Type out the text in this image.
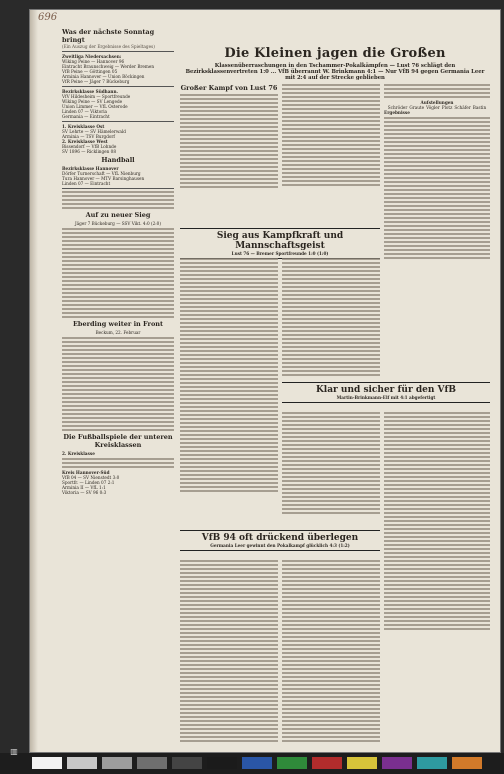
696
Was der nächste Sonntag bringt
(Ein Auszug der Ergebnisse des Spieltages)
Zweitliga Niedersachsen:
Wiking Peine — Hannover 96
Eintracht Braunschweig — Werder Bremen
VfB Peine — Göttingen 05
Arminia Hannover — Union Böckingen
VfR Peine — Jäger 7 Bückeburg
Bezirksklasse Südhann.
VfV Hildesheim — Sportfreunde
Wiking Peine — SV Lengede
Union Limmer — VfL Osterode
Linden 07 — Viktoria
Germania — Eintracht
1. Kreisklasse Ost
SV Lehrte — SV Hämelerwald
Arminia — TSV Burgdorf
2. Kreisklasse West
Bissendorf — VfB Lohnde
SV 1896 — Ricklingen 08
Handball
Bezirksklasse Hannover
Dörfer Turnerschaft — VfL Nienburg
Tura Hannover — MTV Barsinghausen
Linden 07 — Eintracht
Auf zu neuer Sieg
Jäger 7 Bückeburg — SSV Vikt. 4:0 (2:0)
Eberding weiter in Front
Beckum, 22. Februar
Die Fußballspiele der unteren Kreisklassen
2. Kreisklasse
Kreis Hannover-Süd
VfB 04 — SV Nienstedt 3:0
Sportfr. — Linden 07 2:1
Arminia II — VfL 1:1
Viktoria — SV 96 0:3
Die Kleinen jagen die Großen
Klassenüberraschungen in den Tschammer-Pokalkämpfen — Lust 76 schlägt den Bezirksklassenvertreten 1:0 ... VfB überrannt W. Brinkmann 4:1 — Nur VfB 94 gegen Germania Leer mit 2:4 auf der Strecke geblieben
Großer Kampf von Lust 76
Aufstellungen
Schröder Graute Vögler Plotz Schäfer Bastin
Ergebnisse
Sieg aus Kampfkraft und Mannschaftsgeist
Lust 76 — Bremer Sportfreunde 1:0 (1:0)
Klar und sicher für den VfB
Martin-Brinkmann-Elf mit 4:1 abgefertigt
VfB 94 oft drückend überlegen
Germania Leer gewinnt den Pokalkampf glücklich 4:3 (1:2)
▥
